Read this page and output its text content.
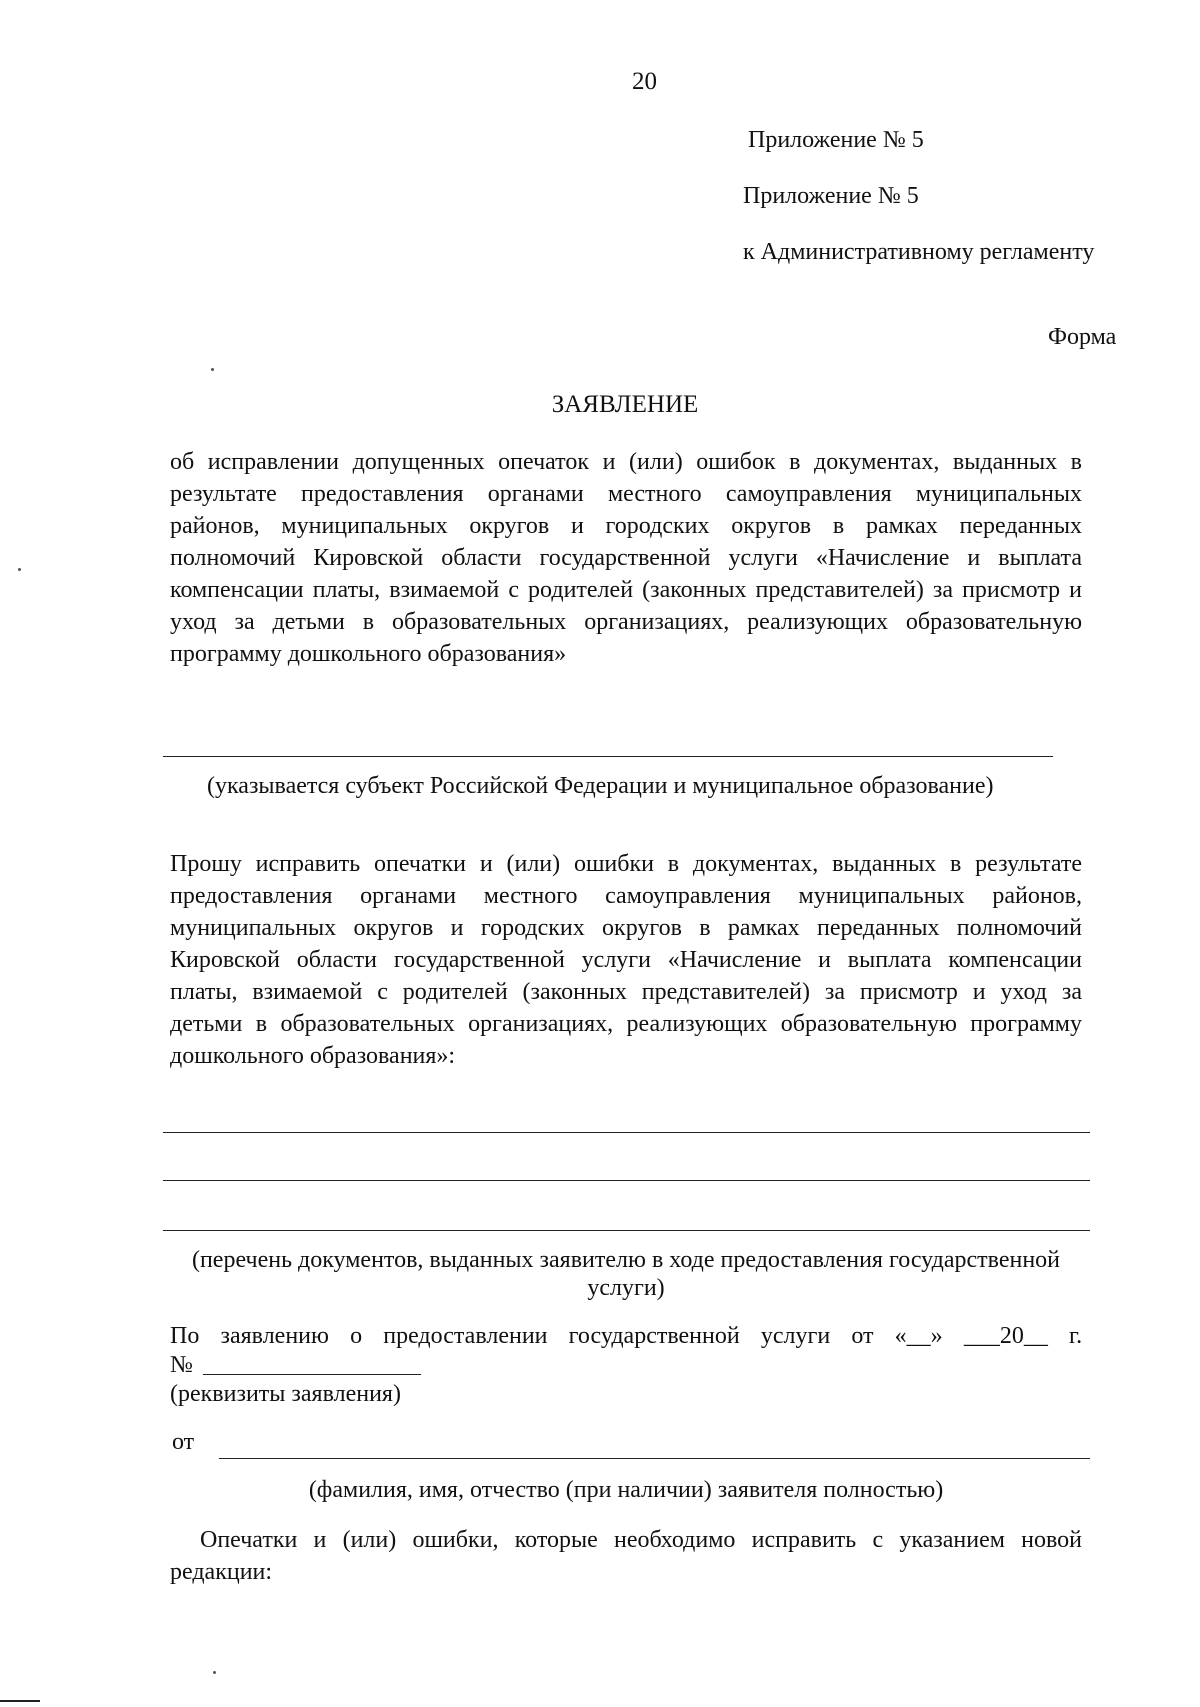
20
Приложение № 5
Приложение № 5
к Административному регламенту
Форма
ЗАЯВЛЕНИЕ
об исправлении допущенных опечаток и (или) ошибок в документах, выданных в
результате предоставления органами местного самоуправления муниципальных
районов, муниципальных округов и городских округов в рамках переданных
полномочий Кировской области государственной услуги «Начисление и выплата
компенсации платы, взимаемой с родителей (законных представителей) за присмотр и
уход за детьми в образовательных организациях, реализующих образовательную
программу дошкольного образования»
(указывается субъект Российской Федерации и муниципальное образование)
Прошу исправить опечатки и (или) ошибки в документах, выданных в результате
предоставления органами местного самоуправления муниципальных районов,
муниципальных округов и городских округов в рамках переданных полномочий
Кировской области государственной услуги «Начисление и выплата компенсации
платы, взимаемой с родителей (законных представителей) за присмотр и уход за
детьми в образовательных организациях, реализующих образовательную программу
дошкольного образования»:
(перечень документов, выданных заявителю в ходе предоставления государственной
услуги)
По заявлению о предоставлении государственной услуги от «__» ___20__ г.
№
(реквизиты заявления)
от
(фамилия, имя, отчество (при наличии) заявителя полностью)
Опечатки и (или) ошибки, которые необходимо исправить с указанием новой
редакции:
